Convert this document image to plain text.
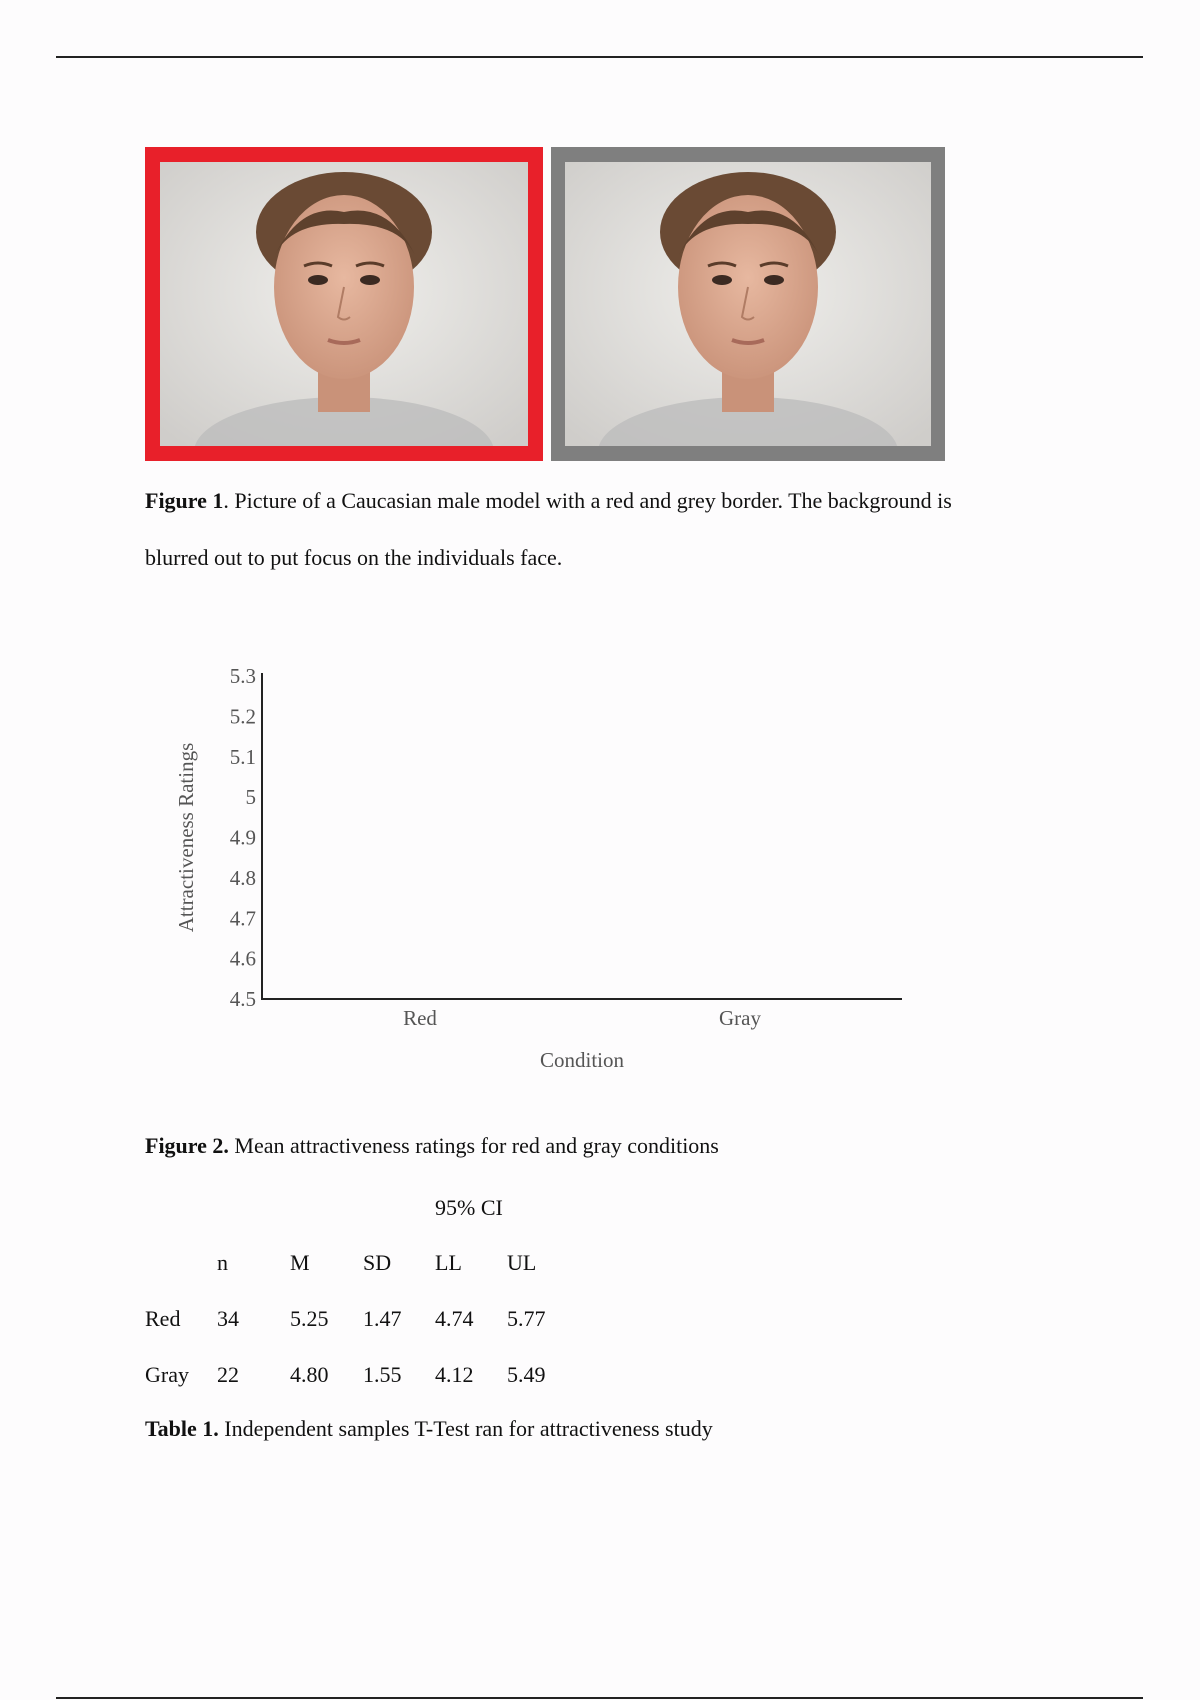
Figure 1. Picture of a Caucasian male model with a red and grey border. The background is
blurred out to put focus on the individuals face.
4.5
4.6
4.7
4.8
4.9
5
5.1
5.2
5.3
Red	Gray
Attractiveness Ratings
Condition
Figure 2. Mean attractiveness ratings for red and gray conditions
95% CI
n	M SD LL UL
Red 34 5.25 1.47 4.74 5.77
Gray 22 4.80 1.55 4.12 5.49
Table 1. Independent samples T-Test ran for attractiveness study
